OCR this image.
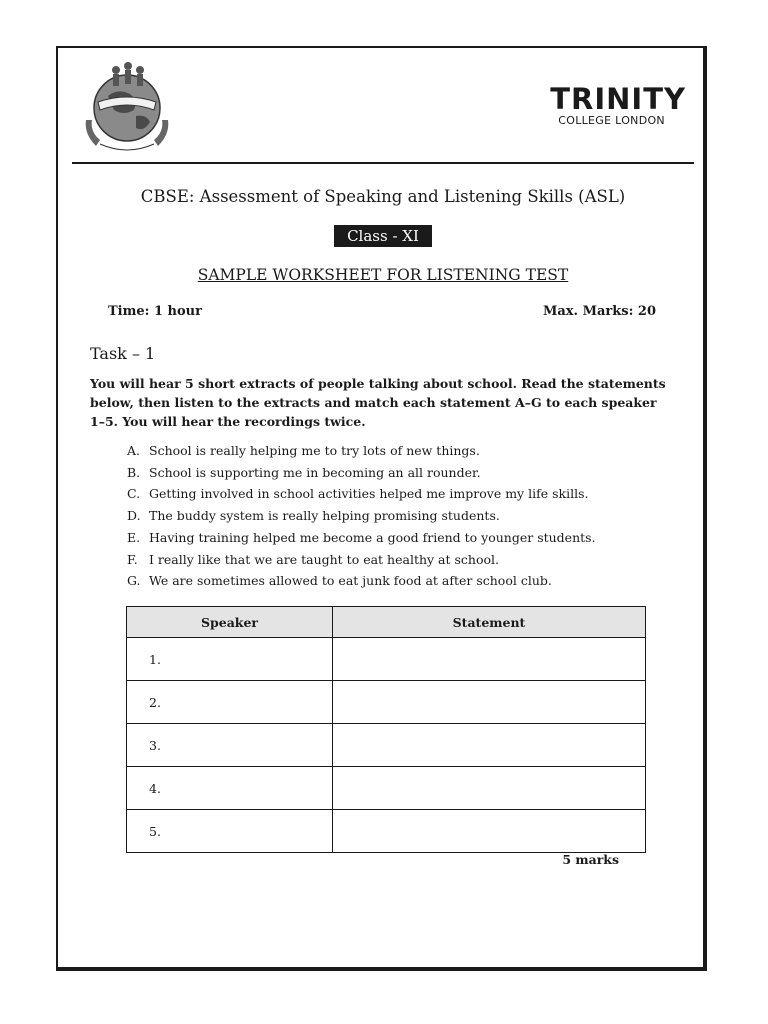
TRINITY
COLLEGE LONDON
CBSE: Assessment of Speaking and Listening Skills (ASL)
Class - XI
SAMPLE WORKSHEET FOR LISTENING TEST
Time: 1 hour	Max. Marks: 20
Task – 1
You will hear 5 short extracts of people talking about school. Read the statements below, then listen to the extracts and match each statement A–G to each speaker 1–5. You will hear the recordings twice.
A. School is really helping me to try lots of new things.
B. School is supporting me in becoming an all rounder.
C. Getting involved in school activities helped me improve my life skills.
D. The buddy system is really helping promising students.
E. Having training helped me become a good friend to younger students.
F. I really like that we are taught to eat healthy at school.
G. We are sometimes allowed to eat junk food at after school club.
Speaker	Statement
1.	
2.	
3.	
4.	
5.	
5 marks
